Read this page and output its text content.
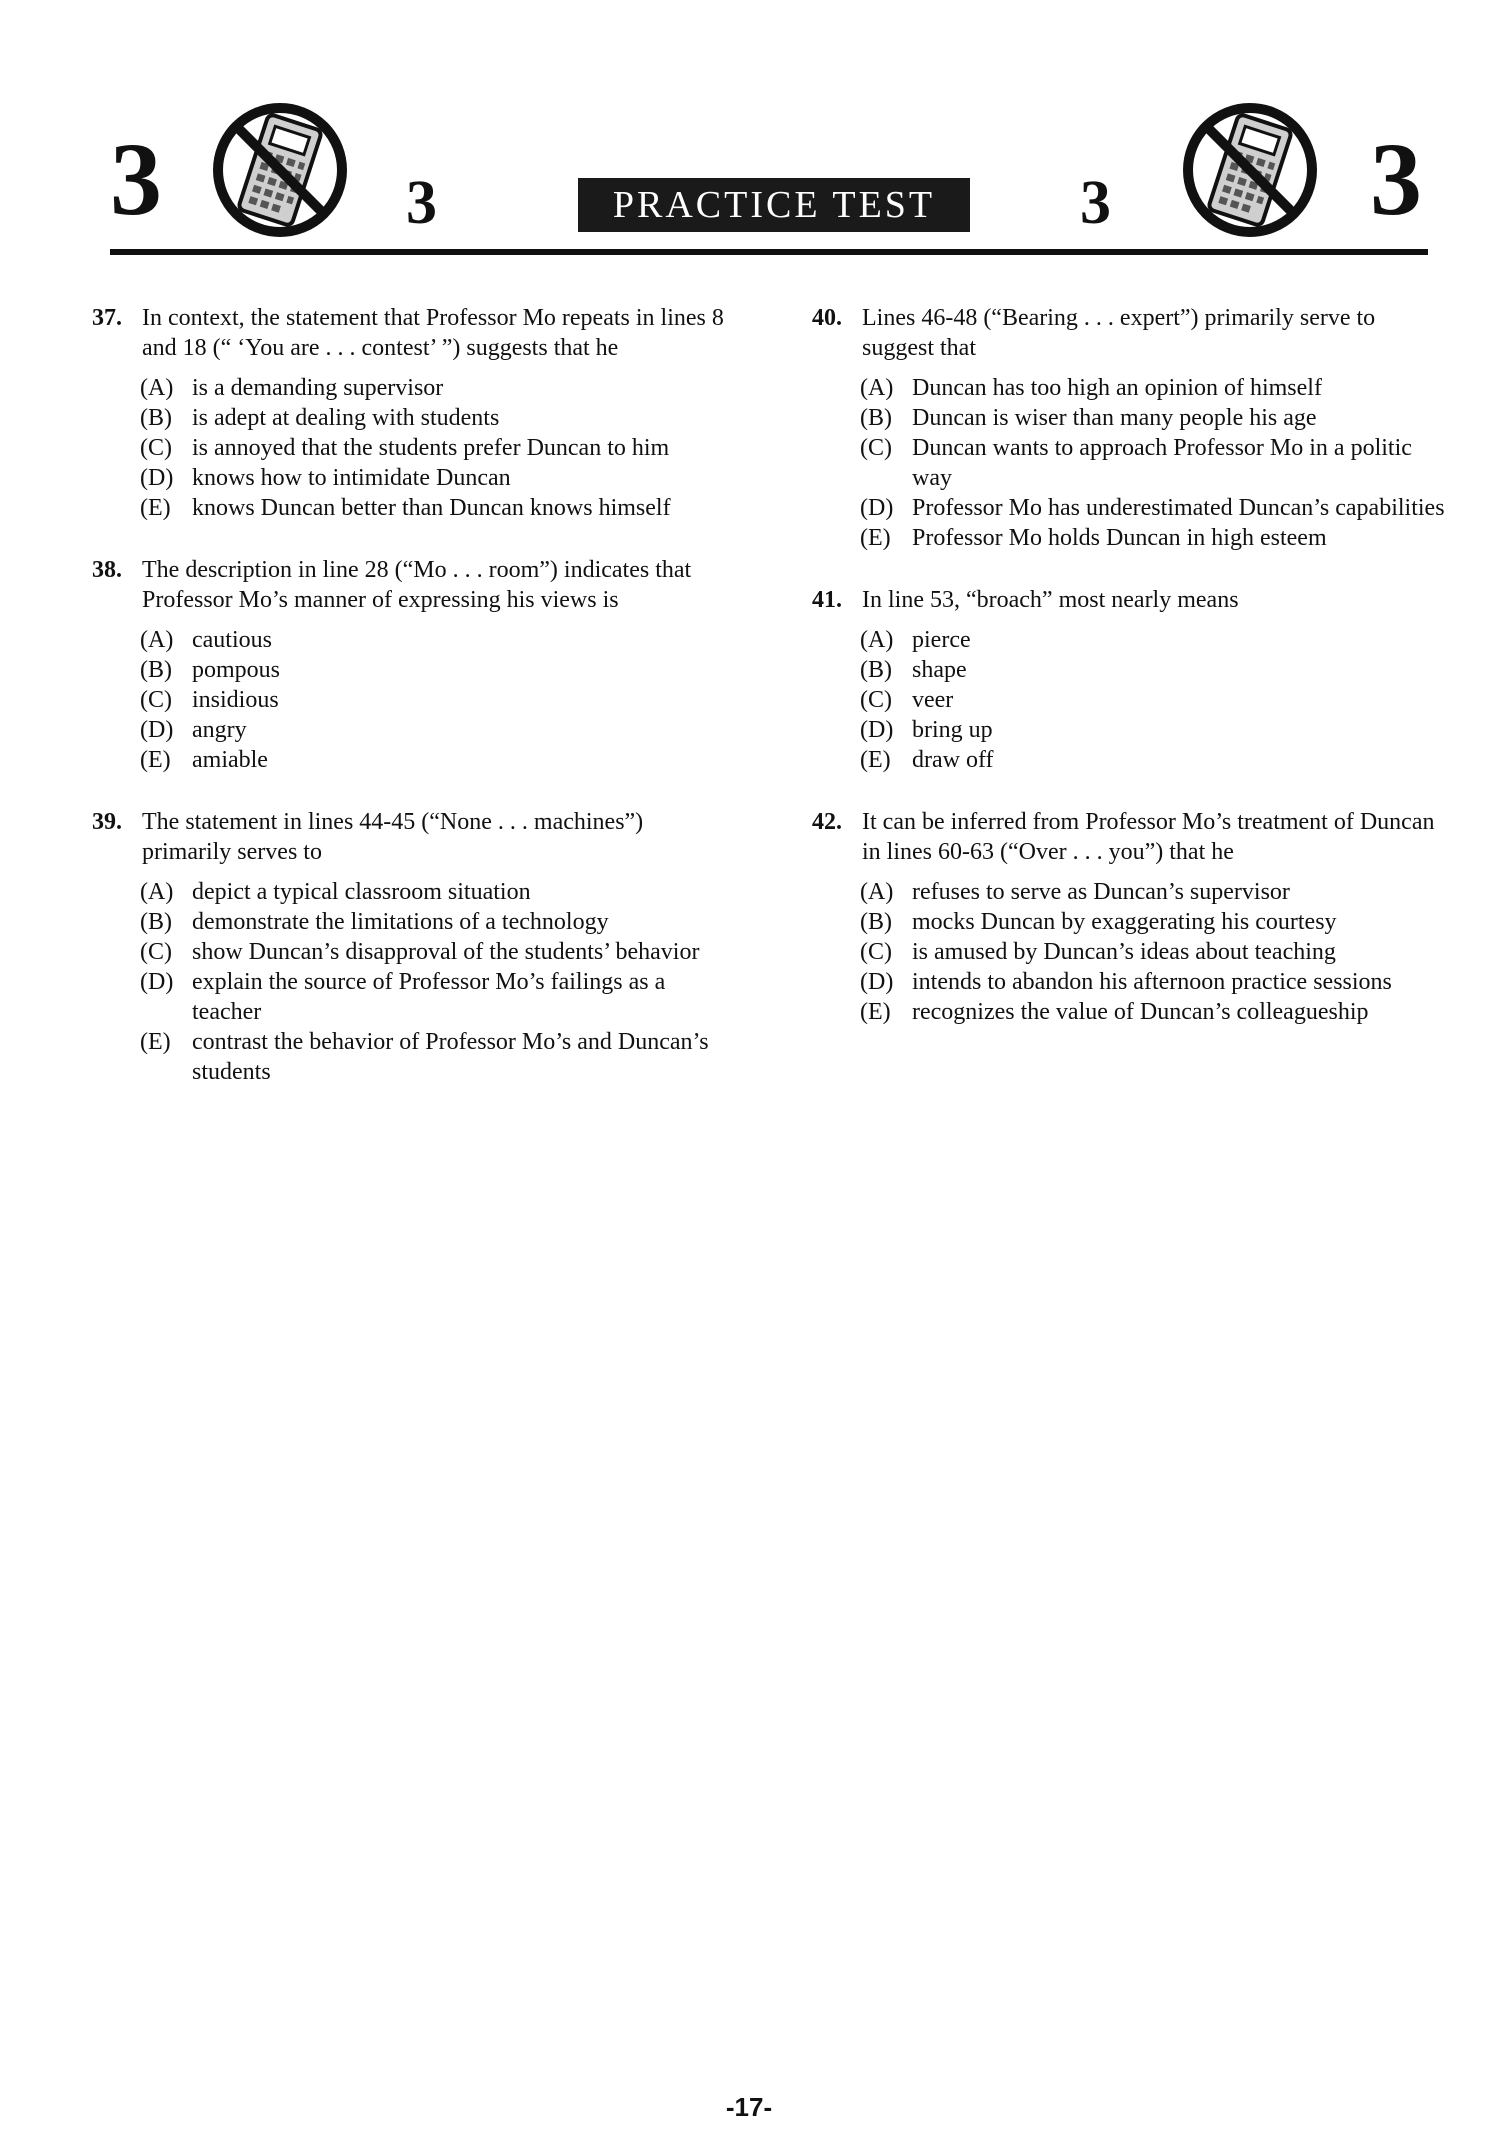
3	3	PRACTICE TEST	3 3
37. In context, the statement that Professor Mo repeats in lines 8 and 18 (“ ‘You are . . . contest’ ”) suggests that he
(A) is a demanding supervisor
(B) is adept at dealing with students
(C) is annoyed that the students prefer Duncan to him
(D) knows how to intimidate Duncan
(E) knows Duncan better than Duncan knows himself
38. The description in line 28 (“Mo . . . room”) indicates that Professor Mo’s manner of expressing his views is
(A) cautious
(B) pompous
(C) insidious
(D) angry
(E) amiable
39. The statement in lines 44-45 (“None . . . machines”) primarily serves to
(A) depict a typical classroom situation
(B) demonstrate the limitations of a technology
(C) show Duncan’s disapproval of the students’ behavior
(D) explain the source of Professor Mo’s failings as a teacher
(E) contrast the behavior of Professor Mo’s and Duncan’s students
40. Lines 46-48 (“Bearing . . . expert”) primarily serve to suggest that
(A) Duncan has too high an opinion of himself
(B) Duncan is wiser than many people his age
(C) Duncan wants to approach Professor Mo in a politic way
(D) Professor Mo has underestimated Duncan’s capabilities
(E) Professor Mo holds Duncan in high esteem
41. In line 53, “broach” most nearly means
(A) pierce
(B) shape
(C) veer
(D) bring up
(E) draw off
42. It can be inferred from Professor Mo’s treatment of Duncan in lines 60-63 (“Over . . . you”) that he
(A) refuses to serve as Duncan’s supervisor
(B) mocks Duncan by exaggerating his courtesy
(C) is amused by Duncan’s ideas about teaching
(D) intends to abandon his afternoon practice sessions
(E) recognizes the value of Duncan’s colleagueship
-17-
